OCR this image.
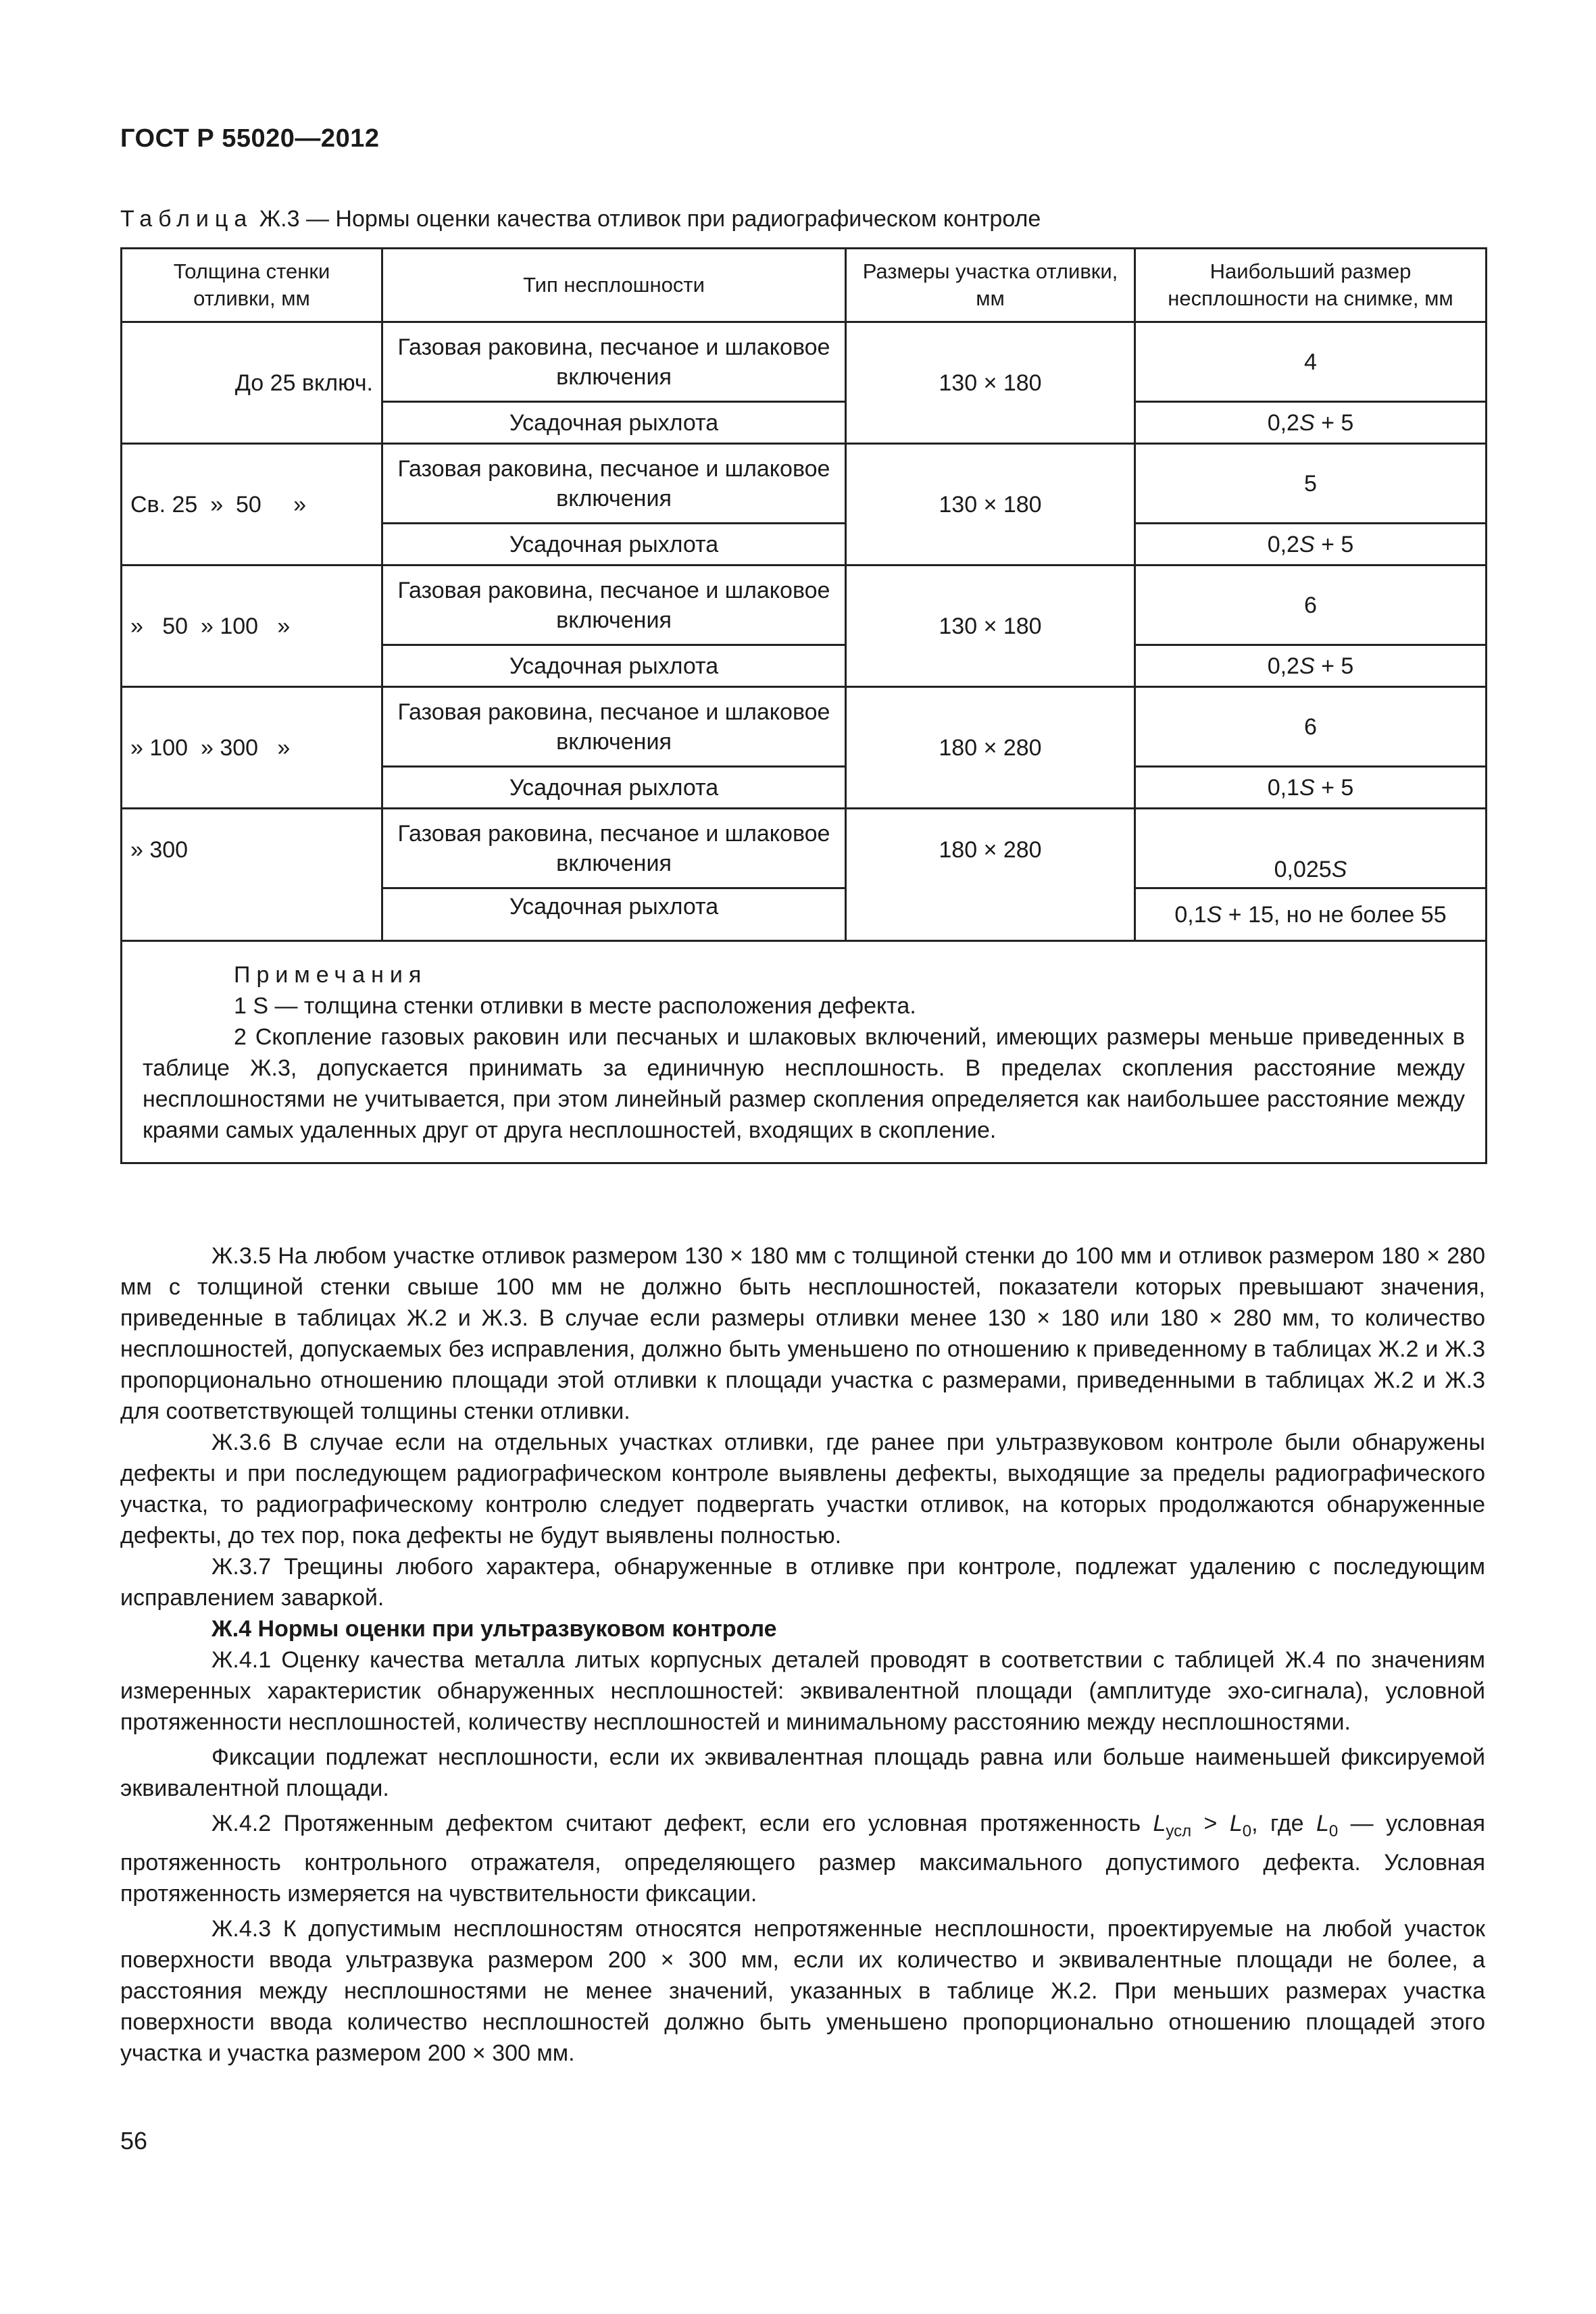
ГОСТ Р 55020—2012
Таблица Ж.3 — Нормы оценки качества отливок при радиографическом контроле
Толщина стенки отливки, мм	Тип несплошности	Размеры участка отливки, мм	Наибольший размер несплошности на снимке, мм
До 25 включ.	Газовая раковина, песчаное и шлаковое включения	130 × 180	4
	Усадочная рыхлота		0,2S + 5
Св. 25  »  50     »	Газовая раковина, песчаное и шлаковое включения	130 × 180	5
	Усадочная рыхлота		0,2S + 5
»   50  » 100   »	Газовая раковина, песчаное и шлаковое включения	130 × 180	6
	Усадочная рыхлота		0,2S + 5
» 100  » 300   »	Газовая раковина, песчаное и шлаковое включения	180 × 280	6
	Усадочная рыхлота		0,1S + 5
» 300	Газовая раковина, песчаное и шлаковое включения	180 × 280	0,025S
	Усадочная рыхлота		0,1S + 15, но не более 55

Примечания
1 S — толщина стенки отливки в месте расположения дефекта.
2 Скопление газовых раковин или песчаных и шлаковых включений, имеющих размеры меньше приведенных в таблице Ж.3, допускается принимать за единичную несплошность. В пределах скопления расстояние между несплошностями не учитывается, при этом линейный размер скопления определяется как наибольшее расстояние между краями самых удаленных друг от друга несплошностей, входящих в скопление.			

Ж.3.5 На любом участке отливок размером 130 × 180 мм с толщиной стенки до 100 мм и отливок размером 180 × 280 мм с толщиной стенки свыше 100 мм не должно быть несплошностей, показатели которых превышают значения, приведенные в таблицах Ж.2 и Ж.3. В случае если размеры отливки менее 130 × 180 или 180 × 280 мм, то количество несплошностей, допускаемых без исправления, должно быть уменьшено по отношению к приведенному в таблицах Ж.2 и Ж.3 пропорционально отношению площади этой отливки к площади участка с размерами, приведенными в таблицах Ж.2 и Ж.3 для соответствующей толщины стенки отливки.

Ж.3.6 В случае если на отдельных участках отливки, где ранее при ультразвуковом контроле были обнаружены дефекты и при последующем радиографическом контроле выявлены дефекты, выходящие за пределы радиографического участка, то радиографическому контролю следует подвергать участки отливок, на которых продолжаются обнаруженные дефекты, до тех пор, пока дефекты не будут выявлены полностью.

Ж.3.7 Трещины любого характера, обнаруженные в отливке при контроле, подлежат удалению с последующим исправлением заваркой.

Ж.4 Нормы оценки при ультразвуковом контроле

Ж.4.1 Оценку качества металла литых корпусных деталей проводят в соответствии с таблицей Ж.4 по значениям измеренных характеристик обнаруженных несплошностей: эквивалентной площади (амплитуде эхо-сигнала), условной протяженности несплошностей, количеству несплошностей и минимальному расстоянию между несплошностями.

Фиксации подлежат несплошности, если их эквивалентная площадь равна или больше наименьшей фиксируемой эквивалентной площади.

Ж.4.2 Протяженным дефектом считают дефект, если его условная протяженность $L_{усл} > L_0$, где $L_0$ — условная протяженность контрольного отражателя, определяющего размер максимального допустимого дефекта. Условная протяженность измеряется на чувствительности фиксации.

Ж.4.3 К допустимым несплошностям относятся непротяженные несплошности, проектируемые на любой участок поверхности ввода ультразвука размером 200 × 300 мм, если их количество и эквивалентные площади не более, а расстояния между несплошностями не менее значений, указанных в таблице Ж.2. При меньших размерах участка поверхности ввода количество несплошностей должно быть уменьшено пропорционально отношению площадей этого участка и участка размером 200 × 300 мм.

56
